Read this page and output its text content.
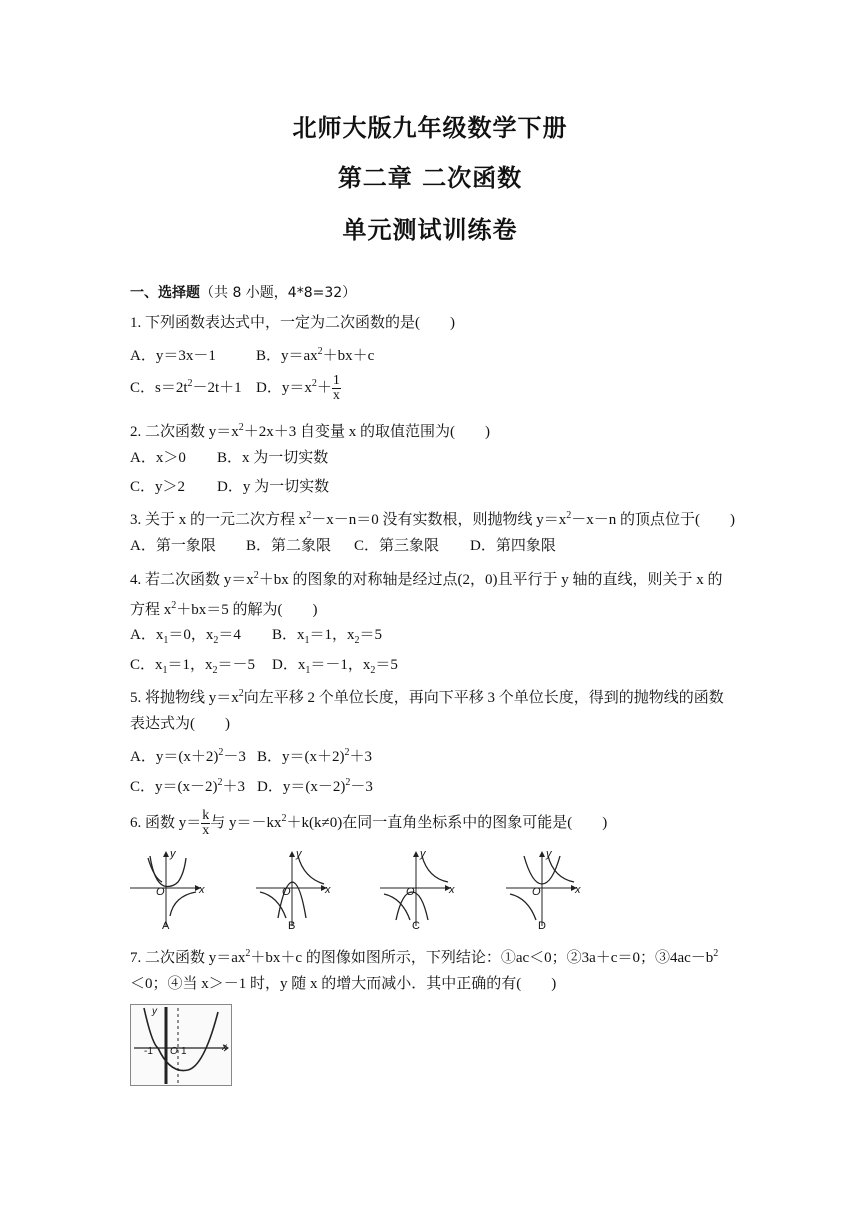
北师大版九年级数学下册
第二章 二次函数
单元测试训练卷
一、选择题（共 8 小题，4*8=32）
1. 下列函数表达式中，一定为二次函数的是(　　)
A．y＝3x－1	B．$y=ax^2+bx+c$
C．$s=2t^2-2t+1$ D．$y=x^2+ \frac{1}{x}$
2. 二次函数 $y=x^2+2x+3$ 自变量 x 的取值范围为(　　)
A．x＞0 B．x 为一切实数
C．y＞2 D．y 为一切实数
3. 关于 x 的一元二次方程 $x^2-x-n=0$ 没有实数根，则抛物线 $y=x^2-x-n$ 的顶点位于(　　)
A．第一象限 B．第二象限 C．第三象限 D．第四象限
4. 若二次函数 $y=x^2+bx$ 的图象的对称轴是经过点(2，0)且平行于 y 轴的直线，则关于 x 的
方程 $x^2+bx=5$ 的解为(　　)
A．$x_1=0$，$x_2=4$ B．$x_1=1$，$x_2=5$
C．$x_1=1$，$x_2=-5$ D．$x_1=-1$，$x_2=5$
5. 将抛物线 $y=x^2$向左平移 2 个单位长度，再向下平移 3 个单位长度，得到的抛物线的函数
表达式为(　　)
A．$y=(x+2)^2-3$ B．$y=(x+2)^2+3$
C．$y=(x-2)^2+3$ D．$y=(x-2)^2-3$
6. 函数 $y= \frac{k}{x}$ 与 $y=-kx^2+k(k\ne 0)$在同一直角坐标系中的图象可能是(　　)
y
x
O
y
x
O
y
x
O
y
x
O
A	B	C	D
7. 二次函数 $y=ax^2+bx+c$ 的图像如图所示，下列结论：①ac＜0；②3a＋c＝0；$③4ac-b^2$
＜0；④当 x＞－1 时，y 随 x 的增大而减小．其中正确的有(　　)
-1 O 1
y
x
